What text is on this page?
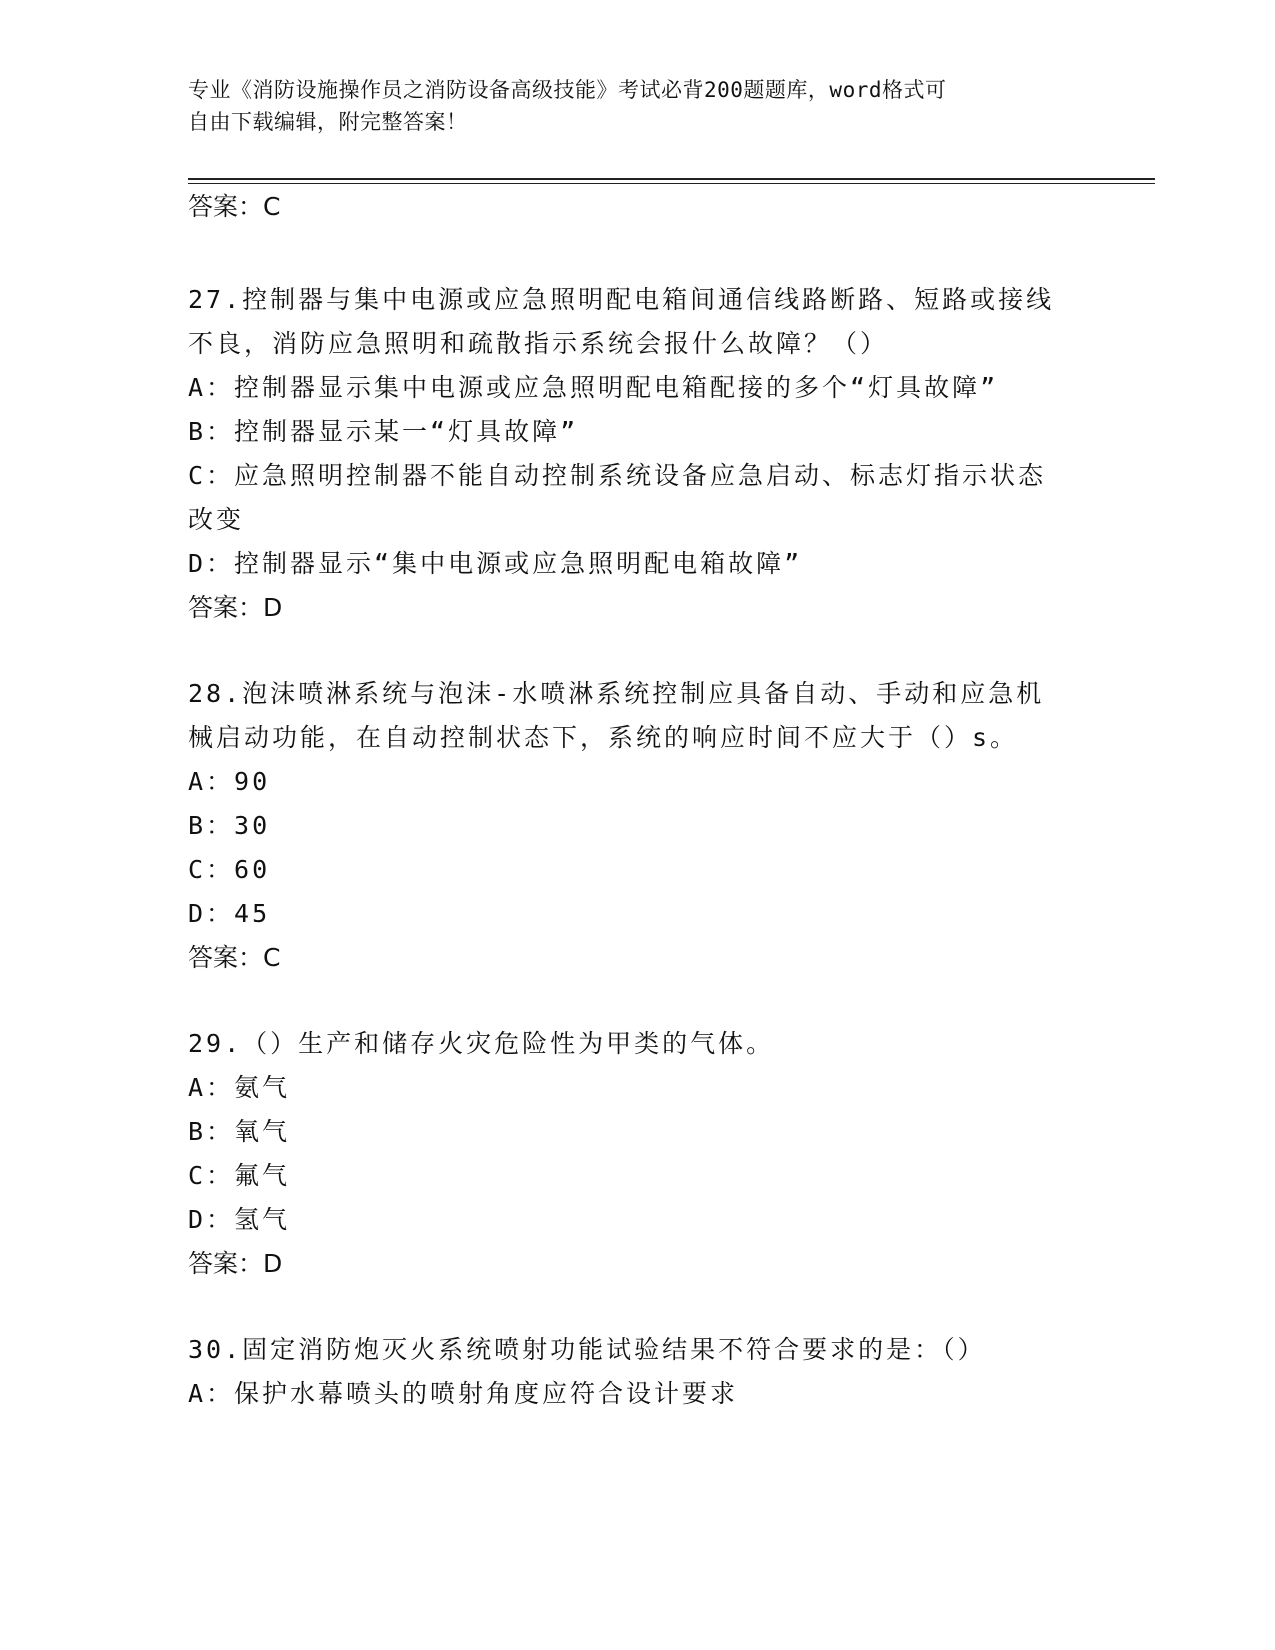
专业《消防设施操作员之消防设备高级技能》考试必背200题题库，word格式可
自由下载编辑，附完整答案！
答案：C
27.控制器与集中电源或应急照明配电箱间通信线路断路、短路或接线
不良，消防应急照明和疏散指示系统会报什么故障？（）
A：控制器显示集中电源或应急照明配电箱配接的多个“灯具故障”
B：控制器显示某一“灯具故障”
C：应急照明控制器不能自动控制系统设备应急启动、标志灯指示状态
改变
D：控制器显示“集中电源或应急照明配电箱故障”
答案：D
28.泡沫喷淋系统与泡沫-水喷淋系统控制应具备自动、手动和应急机
械启动功能，在自动控制状态下，系统的响应时间不应大于（）s。
A：90
B：30
C：60
D：45
答案：C
29.（）生产和储存火灾危险性为甲类的气体。
A：氨气
B：氧气
C：氟气
D：氢气
答案：D
30.固定消防炮灭火系统喷射功能试验结果不符合要求的是：（）
A：保护水幕喷头的喷射角度应符合设计要求
